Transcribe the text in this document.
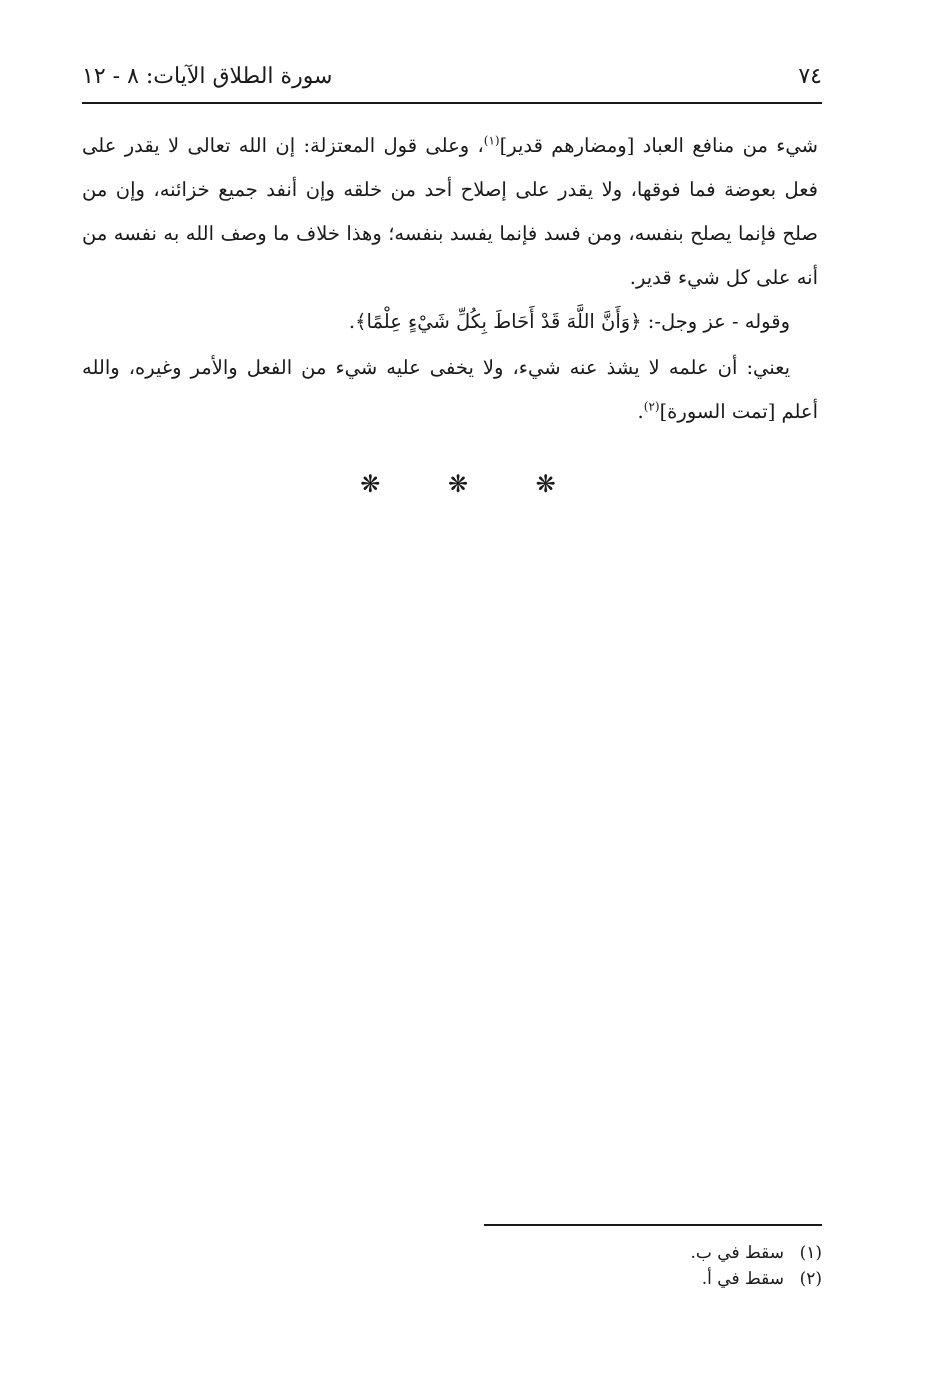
٧٤
سورة الطلاق الآيات: ٨ - ١٢

شيء من منافع العباد [ومضارهم قدير]$^{(١)}$، وعلى قول المعتزلة: إن الله تعالى لا يقدر على فعل بعوضة فما فوقها، ولا يقدر على إصلاح أحد من خلقه وإن أنفد جميع خزائنه، وإن من صلح فإنما يصلح بنفسه، ومن فسد فإنما يفسد بنفسه؛ وهذا خلاف ما وصف الله به نفسه من أنه على كل شيء قدير.

وقوله - عز وجل-: ﴿وَأَنَّ اللَّهَ قَدْ أَحَاطَ بِكُلِّ شَيْءٍ عِلْمًا﴾.

يعني: أن علمه لا يشذ عنه شيء، ولا يخفى عليه شيء من الفعل والأمر وغيره، والله أعلم [تمت السورة]$^{(٢)}$.

❋ ❋ ❋
(١)سقط في ب.
(٢)سقط في أ.
